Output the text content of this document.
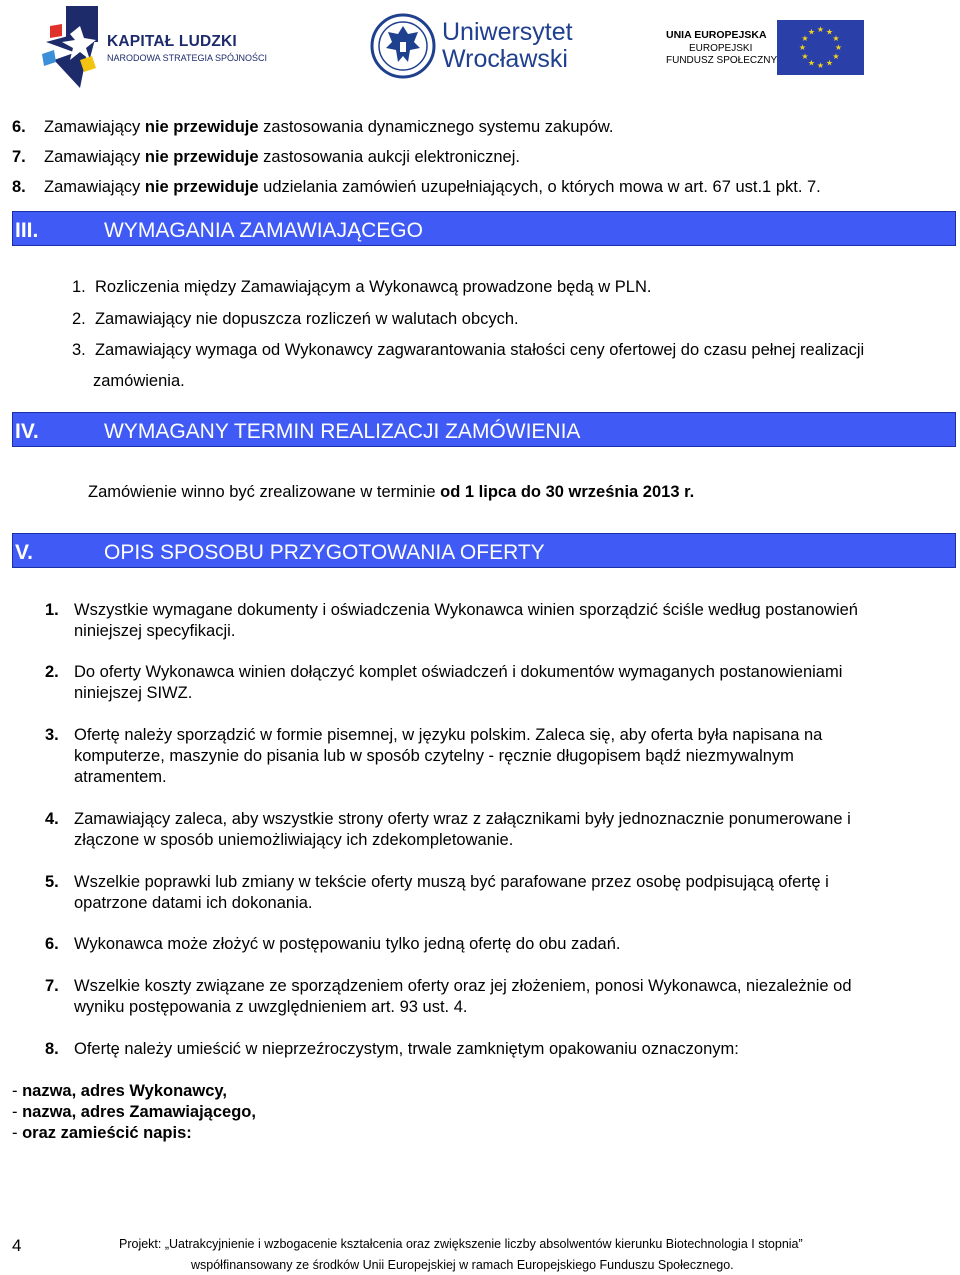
KAPITAŁ LUDZKI
NARODOWA STRATEGIA SPÓJNOŚCI
Uniwersytet
Wrocławski
UNIA EUROPEJSKA
EUROPEJSKI
FUNDUSZ SPOŁECZNY
★ ★
★
★
★
★
★
★
★
★
★
★
6. Zamawiający nie przewiduje zastosowania dynamicznego systemu zakupów.
7. Zamawiający nie przewiduje zastosowania aukcji elektronicznej.
8. Zamawiający nie przewiduje udzielania zamówień uzupełniających, o których mowa w art. 67 ust.1 pkt. 7.
III.	WYMAGANIA ZAMAWIAJĄCEGO
1. Rozliczenia między Zamawiającym a Wykonawcą prowadzone będą w PLN.
2. Zamawiający nie dopuszcza rozliczeń w walutach obcych.
3. Zamawiający wymaga od Wykonawcy zagwarantowania stałości ceny ofertowej do czasu pełnej realizacji
zamówienia.
IV.	WYMAGANY TERMIN REALIZACJI ZAMÓWIENIA
Zamówienie winno być zrealizowane w terminie od 1 lipca do 30 września 2013 r.
V.	OPIS SPOSOBU PRZYGOTOWANIA OFERTY
1. Wszystkie wymagane dokumenty i oświadczenia Wykonawca winien sporządzić ściśle według postanowień
niniejszej specyfikacji.
2. Do oferty Wykonawca winien dołączyć komplet oświadczeń i dokumentów wymaganych postanowieniami
niniejszej SIWZ.
3. Ofertę należy sporządzić w formie pisemnej, w języku polskim. Zaleca się, aby oferta była napisana na
komputerze, maszynie do pisania lub w sposób czytelny - ręcznie długopisem bądź niezmywalnym
atramentem.
4. Zamawiający zaleca, aby wszystkie strony oferty wraz z załącznikami były jednoznacznie ponumerowane i
złączone w sposób uniemożliwiający ich zdekompletowanie.
5. Wszelkie poprawki lub zmiany w tekście oferty muszą być parafowane przez osobę podpisującą ofertę i
opatrzone datami ich dokonania.
6. Wykonawca może złożyć w postępowaniu tylko jedną ofertę do obu zadań.
7. Wszelkie koszty związane ze sporządzeniem oferty oraz jej złożeniem, ponosi Wykonawca, niezależnie od
wyniku postępowania z uwzględnieniem art. 93 ust. 4.
8. Ofertę należy umieścić w nieprzeźroczystym, trwale zamkniętym opakowaniu oznaczonym:
- nazwa, adres Wykonawcy,
- nazwa, adres Zamawiającego,
- oraz zamieścić napis:
4	Projekt: „Uatrakcyjnienie i wzbogacenie kształcenia oraz zwiększenie liczby absolwentów kierunku Biotechnologia I stopnia”
współfinansowany ze środków Unii Europejskiej w ramach Europejskiego Funduszu Społecznego.
